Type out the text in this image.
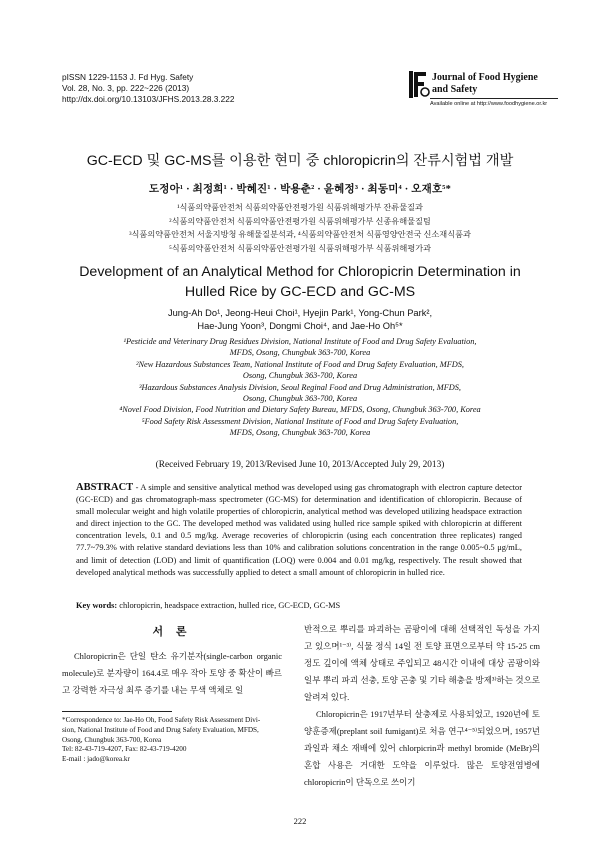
pISSN 1229-1153 J. Fd Hyg. Safety
Vol. 28, No. 3, pp. 222~226 (2013)
http://dx.doi.org/10.13103/JFHS.2013.28.3.222
Journal of Food Hygiene
and Safety
Available online at http://www.foodhygiene.or.kr
GC-ECD 및 GC-MS를 이용한 현미 중 chloropicrin의 잔류시험법 개발
도정아¹ · 최정희¹ · 박혜진¹ · 박용춘² · 윤혜정³ · 최동미⁴ · 오재호⁵*
¹식품의약품안전처 식품의약품안전평가원 식품위해평가부 잔류물질과
²식품의약품안전처 식품의약품안전평가원 식품위해평가부 신종유해물질팀
³식품의약품안전처 서울지방청 유해물질분석과, ⁴식품의약품안전처 식품영양안전국 신소재식품과
⁵식품의약품안전처 식품의약품안전평가원 식품위해평가부 식품위해평가과
Development of an Analytical Method for Chloropicrin Determination in
Hulled Rice by GC-ECD and GC-MS
Jung-Ah Do¹, Jeong-Heui Choi¹, Hyejin Park¹, Yong-Chun Park²,
Hae-Jung Yoon³, Dongmi Choi⁴, and Jae-Ho Oh⁵*
¹Pesticide and Veterinary Drug Residues Division, National Institute of Food and Drug Safety Evaluation,
MFDS, Osong, Chungbuk 363-700, Korea
²New Hazardous Substances Team, National Institute of Food and Drug Safety Evaluation, MFDS,
Osong, Chungbuk 363-700, Korea
³Hazardous Substances Analysis Division, Seoul Reginal Food and Drug Administration, MFDS,
Osong, Chungbuk 363-700, Korea
⁴Novel Food Division, Food Nutrition and Dietary Safety Bureau, MFDS, Osong, Chungbuk 363-700, Korea
⁵Food Safety Risk Assessment Division, National Institute of Food and Drug Safety Evaluation,
MFDS, Osong, Chungbuk 363-700, Korea
(Received February 19, 2013/Revised June 10, 2013/Accepted July 29, 2013)
ABSTRACT - A simple and sensitive analytical method was developed using gas chromatograph with electron capture detector (GC-ECD) and gas chromatograph-mass spectrometer (GC-MS) for determination and identification of chloropicrin. Because of small molecular weight and high volatile properties of chloropicrin, analytical method was developed utilizing headspace extraction and direct injection to the GC. The developed method was validated using hulled rice sample spiked with chloropicrin at different concentration levels, 0.1 and 0.5 mg/kg. Average recoveries of chloropicrin (using each concentration three replicates) ranged 77.7~79.3% with relative standard deviations less than 10% and calibration solutions concentration in the range 0.005~0.5 μg/mL, and limit of detection (LOD) and limit of quantification (LOQ) were 0.004 and 0.01 mg/kg, respectively. The result showed that developed analytical methods was successfully applied to detect a small amount of chloropicrin in hulled rice.
Key words: chloropicrin, headspace extraction, hulled rice, GC-ECD, GC-MS
서 론

Chloropicrin은 단일 탄소 유기분자(single-carbon organic molecule)로 분자량이 164.4로 매우 작아 토양 중 확산이 빠르고 강력한 자극성 최루 증기를 내는 무색 액체로 일

반적으로 뿌리를 파괴하는 곰팡이에 대해 선택적인 독성을 가지고 있으며¹⁻³⁾, 식물 정식 14일 전 토양 표면으로부터 약 15-25 cm 정도 깊이에 액체 상태로 주입되고 48시간 이내에 대상 곰팡이와 일부 뿌리 파괴 선충, 토양 곤충 및 기타 해충을 방제³⁾하는 것으로 알려져 있다.

Chloropicrin은 1917년부터 살충제로 사용되었고, 1920년에 토양훈증제(preplant soil fumigant)로 처음 연구⁴⁻⁵⁾되었으며, 1957년 과일과 채소 재배에 있어 chlorpicrin과 methyl bromide (MeBr)의 혼합 사용은 거대한 도약을 이루었다. 많은 토양전염병에 chloropicrin이 단독으로 쓰이기

*Correspondence to: Jae-Ho Oh, Food Safety Risk Assessment Divi-
sion, National Institute of Food and Drug Safety Evaluation, MFDS,
Osong, Chungbuk 363-700, Korea
Tel: 82-43-719-4207, Fax: 82-43-719-4200
E-mail : jado@korea.kr
222
